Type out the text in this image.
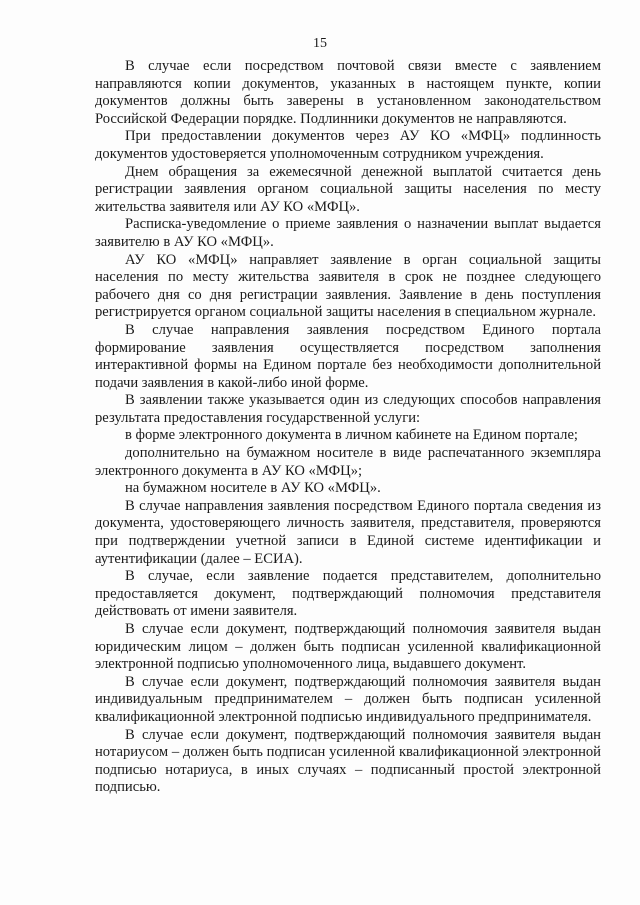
15

В случае если посредством почтовой связи вместе с заявлением направляются копии документов, указанных в настоящем пункте, копии документов должны быть заверены в установленном законодательством Российской Федерации порядке. Подлинники документов не направляются.

При предоставлении документов через АУ КО «МФЦ» подлинность документов удостоверяется уполномоченным сотрудником учреждения.

Днем обращения за ежемесячной денежной выплатой считается день регистрации заявления органом социальной защиты населения по месту жительства заявителя или АУ КО «МФЦ».

Расписка-уведомление о приеме заявления о назначении выплат выдается заявителю в АУ КО «МФЦ».

АУ КО «МФЦ» направляет заявление в орган социальной защиты населения по месту жительства заявителя в срок не позднее следующего рабочего дня со дня регистрации заявления. Заявление в день поступления регистрируется органом социальной защиты населения в специальном журнале.

В случае направления заявления посредством Единого портала формирование заявления осуществляется посредством заполнения интерактивной формы на Едином портале без необходимости дополнительной подачи заявления в какой-либо иной форме.

В заявлении также указывается один из следующих способов направления результата предоставления государственной услуги:

в форме электронного документа в личном кабинете на Едином портале;

дополнительно на бумажном носителе в виде распечатанного экземпляра электронного документа в АУ КО «МФЦ»;

на бумажном носителе в АУ КО «МФЦ».

В случае направления заявления посредством Единого портала сведения из документа, удостоверяющего личность заявителя, представителя, проверяются при подтверждении учетной записи в Единой системе идентификации и аутентификации (далее – ЕСИА).

В случае, если заявление подается представителем, дополнительно предоставляется документ, подтверждающий полномочия представителя действовать от имени заявителя.

В случае если документ, подтверждающий полномочия заявителя выдан юридическим лицом – должен быть подписан усиленной квалификационной электронной подписью уполномоченного лица, выдавшего документ.

В случае если документ, подтверждающий полномочия заявителя выдан индивидуальным предпринимателем – должен быть подписан усиленной квалификационной электронной подписью индивидуального предпринимателя.

В случае если документ, подтверждающий полномочия заявителя выдан нотариусом – должен быть подписан усиленной квалификационной электронной подписью нотариуса, в иных случаях – подписанный простой электронной подписью.
